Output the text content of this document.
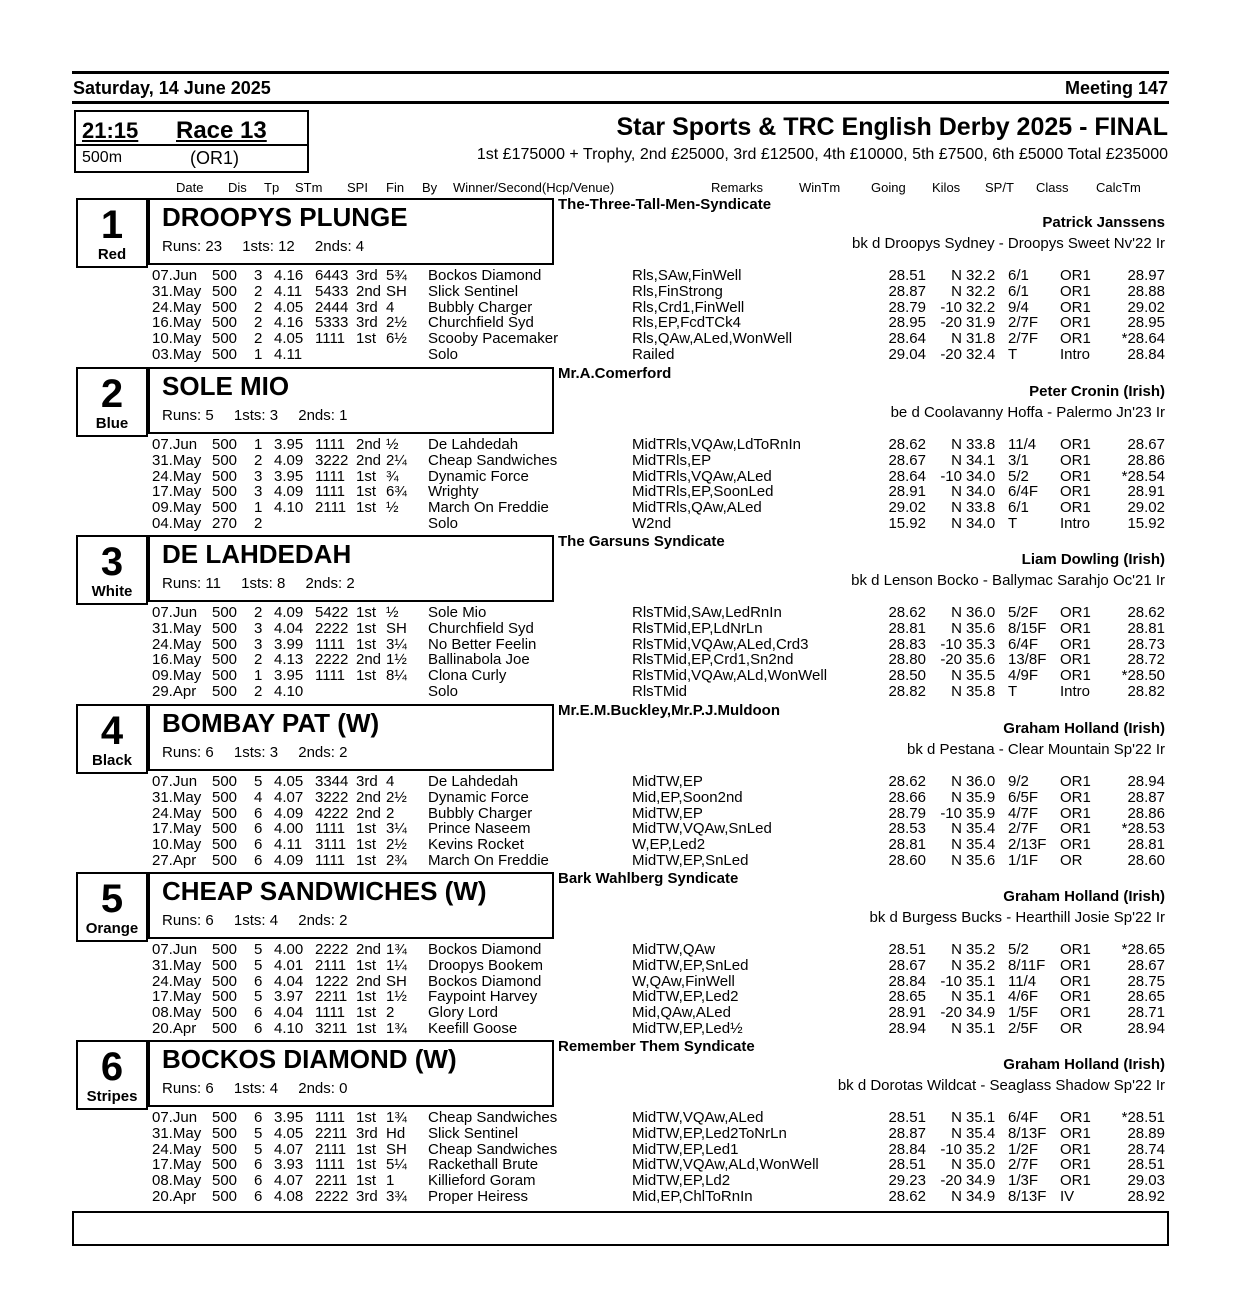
Saturday, 14 June 2025	Meeting 147
21:15 Race 13
500m	(OR1)
Star Sports & TRC English Derby 2025 - FINAL
1st £175000 + Trophy, 2nd £25000, 3rd £12500, 4th £10000, 5th £7500, 6th £5000 Total £235000
Date Dis Tp STm SPI Fin By Winner/Second(Hcp/Venue)	Remarks	WinTm Going Kilos SP/T Class CalcTm
1
Red
DROOPYS PLUNGE
Runs: 23 1sts: 12 2nds: 4
The-Three-Tall-Men-Syndicate
Patrick Janssens
bk d Droopys Sydney - Droopys Sweet Nv'22 Ir
07.Jun 500 3 4.16 6443 3rd 5¾ Bockos Diamond	Rls,SAw,FinWell	28.51	N 32.2 6/1 OR1	28.97
31.May 500 2 4.11 5433 2nd SH Slick Sentinel	Rls,FinStrong	28.87	N 32.2 6/1 OR1	28.88
24.May 500 2 4.05 2444 3rd 4 Bubbly Charger	Rls,Crd1,FinWell	28.79 -10 32.2 9/4 OR1	29.02
16.May 500 2 4.16 5333 3rd 2½ Churchfield Syd	Rls,EP,FcdTCk4	28.95 -20 31.9 2/7F OR1	28.95
10.May 500 2 4.05 1111 1st 6½ Scooby Pacemaker	Rls,QAw,ALed,WonWell	28.64	N 31.8 2/7F OR1	*28.64
03.May 500 1 4.11	Solo	Railed	29.04 -20 32.4 T	Intro	28.84
2
Blue
SOLE MIO
Runs: 5 1sts: 3 2nds: 1
Mr.A.Comerford
Peter Cronin (Irish)
be d Coolavanny Hoffa - Palermo Jn'23 Ir
07.Jun 500 1 3.95 1111 2nd ½ De Lahdedah	MidTRls,VQAw,LdToRnIn	28.62	N 33.8 11/4 OR1	28.67
31.May 500 2 4.09 3222 2nd 2¼ Cheap Sandwiches	MidTRls,EP	28.67	N 34.1 3/1 OR1	28.86
24.May 500 3 3.95 1111 1st ¾ Dynamic Force	MidTRls,VQAw,ALed	28.64 -10 34.0 5/2 OR1	*28.54
17.May 500 3 4.09 1111 1st 6¾ Wrighty	MidTRls,EP,SoonLed	28.91	N 34.0 6/4F OR1	28.91
09.May 500 1 4.10 2111 1st ½ March On Freddie	MidTRls,QAw,ALed	29.02	N 33.8 6/1 OR1	29.02
04.May 270 2	Solo	W2nd	15.92	N 34.0 T	Intro	15.92
3
White
DE LAHDEDAH
Runs: 11 1sts: 8 2nds: 2
The Garsuns Syndicate
Liam Dowling (Irish)
bk d Lenson Bocko - Ballymac Sarahjo Oc'21 Ir
07.Jun 500 2 4.09 5422 1st ½ Sole Mio	RlsTMid,SAw,LedRnIn	28.62	N 36.0 5/2F OR1	28.62
31.May 500 3 4.04 2222 1st SH Churchfield Syd	RlsTMid,EP,LdNrLn	28.81	N 35.6 8/15F OR1	28.81
24.May 500 3 3.99 1111 1st 3¼ No Better Feelin	RlsTMid,VQAw,ALed,Crd3	28.83 -10 35.3 6/4F OR1	28.73
16.May 500 2 4.13 2222 2nd 1½ Ballinabola Joe	RlsTMid,EP,Crd1,Sn2nd	28.80 -20 35.6 13/8F OR1	28.72
09.May 500 1 3.95 1111 1st 8¼ Clona Curly	RlsTMid,VQAw,ALd,WonWell	28.50	N 35.5 4/9F OR1	*28.50
29.Apr 500 2 4.10	Solo	RlsTMid	28.82	N 35.8 T	Intro	28.82
4
Black
BOMBAY PAT (W)
Runs: 6 1sts: 3 2nds: 2
Mr.E.M.Buckley,Mr.P.J.Muldoon
Graham Holland (Irish)
bk d Pestana - Clear Mountain Sp'22 Ir
07.Jun 500 5 4.05 3344 3rd 4 De Lahdedah	MidTW,EP	28.62	N 36.0 9/2 OR1	28.94
31.May 500 4 4.07 3222 2nd 2½ Dynamic Force	Mid,EP,Soon2nd	28.66	N 35.9 6/5F OR1	28.87
24.May 500 6 4.09 4222 2nd 2 Bubbly Charger	MidTW,EP	28.79 -10 35.9 4/7F OR1	28.86
17.May 500 6 4.00 1111 1st 3¼ Prince Naseem	MidTW,VQAw,SnLed	28.53	N 35.4 2/7F OR1	*28.53
10.May 500 6 4.11 3111 1st 2½ Kevins Rocket	W,EP,Led2	28.81	N 35.4 2/13F OR1	28.81
27.Apr 500 6 4.09 1111 1st 2¾ March On Freddie	MidTW,EP,SnLed	28.60	N 35.6 1/1F OR	28.60
5
Orange
CHEAP SANDWICHES (W)
Runs: 6 1sts: 4 2nds: 2
Bark Wahlberg Syndicate
Graham Holland (Irish)
bk d Burgess Bucks - Hearthill Josie Sp'22 Ir
07.Jun 500 5 4.00 2222 2nd 1¾ Bockos Diamond	MidTW,QAw	28.51	N 35.2 5/2 OR1	*28.65
31.May 500 5 4.01 2111 1st 1¼ Droopys Bookem	MidTW,EP,SnLed	28.67	N 35.2 8/11F OR1	28.67
24.May 500 6 4.04 1222 2nd SH Bockos Diamond	W,QAw,FinWell	28.84 -10 35.1 11/4 OR1	28.75
17.May 500 5 3.97 2211 1st 1½ Faypoint Harvey	MidTW,EP,Led2	28.65	N 35.1 4/6F OR1	28.65
08.May 500 6 4.04 1111 1st 2 Glory Lord	Mid,QAw,ALed	28.91 -20 34.9 1/5F OR1	28.71
20.Apr 500 6 4.10 3211 1st 1¾ Keefill Goose	MidTW,EP,Led½	28.94	N 35.1 2/5F OR	28.94
6
Stripes
BOCKOS DIAMOND (W)
Runs: 6 1sts: 4 2nds: 0
Remember Them Syndicate
Graham Holland (Irish)
bk d Dorotas Wildcat - Seaglass Shadow Sp'22 Ir
07.Jun 500 6 3.95 1111 1st 1¾ Cheap Sandwiches	MidTW,VQAw,ALed	28.51	N 35.1 6/4F OR1	*28.51
31.May 500 5 4.05 2211 3rd Hd Slick Sentinel	MidTW,EP,Led2ToNrLn	28.87	N 35.4 8/13F OR1	28.89
24.May 500 5 4.07 2111 1st SH Cheap Sandwiches	MidTW,EP,Led1	28.84 -10 35.2 1/2F OR1	28.74
17.May 500 6 3.93 1111 1st 5¼ Rackethall Brute	MidTW,VQAw,ALd,WonWell	28.51	N 35.0 2/7F OR1	28.51
08.May 500 6 4.07 2211 1st 1 Killieford Goram	MidTW,EP,Ld2	29.23 -20 34.9 1/3F OR1	29.03
20.Apr 500 6 4.08 2222 3rd 3¾ Proper Heiress	Mid,EP,ChlToRnIn	28.62	N 34.9 8/13F IV	28.92
